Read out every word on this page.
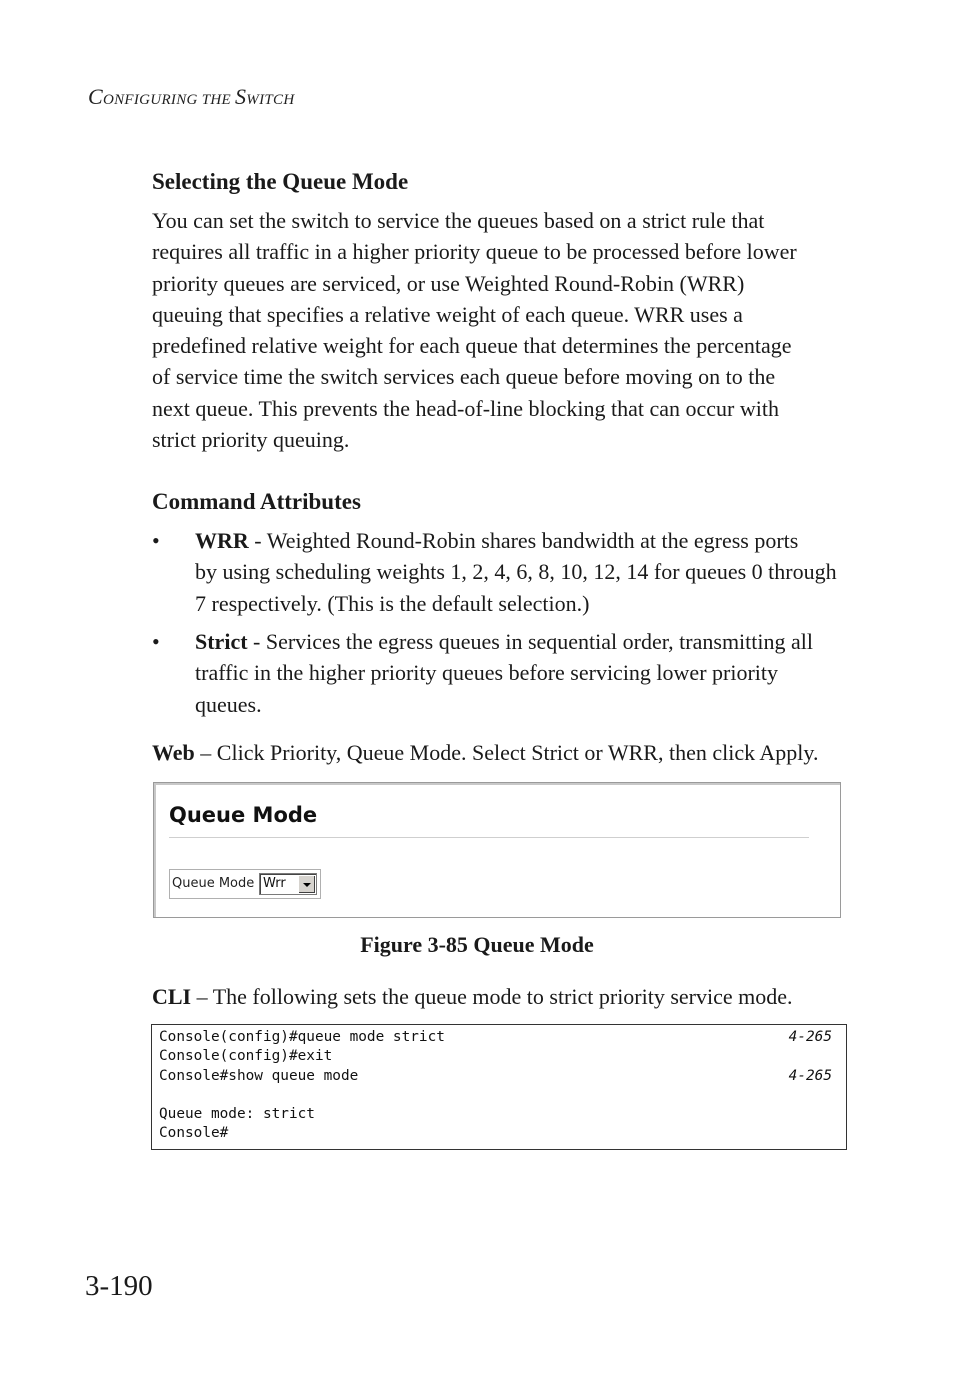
CONFIGURING THE SWITCH
Selecting the Queue Mode
You can set the switch to service the queues based on a strict rule that
requires all traffic in a higher priority queue to be processed before lower
priority queues are serviced, or use Weighted Round-Robin (WRR)
queuing that specifies a relative weight of each queue. WRR uses a
predefined relative weight for each queue that determines the percentage
of service time the switch services each queue before moving on to the
next queue. This prevents the head-of-line blocking that can occur with
strict priority queuing.
Command Attributes
• WRR - Weighted Round-Robin shares bandwidth at the egress ports
by using scheduling weights 1, 2, 4, 6, 8, 10, 12, 14 for queues 0 through
7 respectively. (This is the default selection.)
• Strict - Services the egress queues in sequential order, transmitting all
traffic in the higher priority queues before servicing lower priority
queues.
Web – Click Priority, Queue Mode. Select Strict or WRR, then click Apply.
Queue Mode
Queue Mode Wrr
Figure 3-85 Queue Mode
CLI – The following sets the queue mode to strict priority service mode.
Console(config)#queue mode strict	4-265
Console(config)#exit
Console#show queue mode	4-265
Queue mode: strict
Console#
3-190
